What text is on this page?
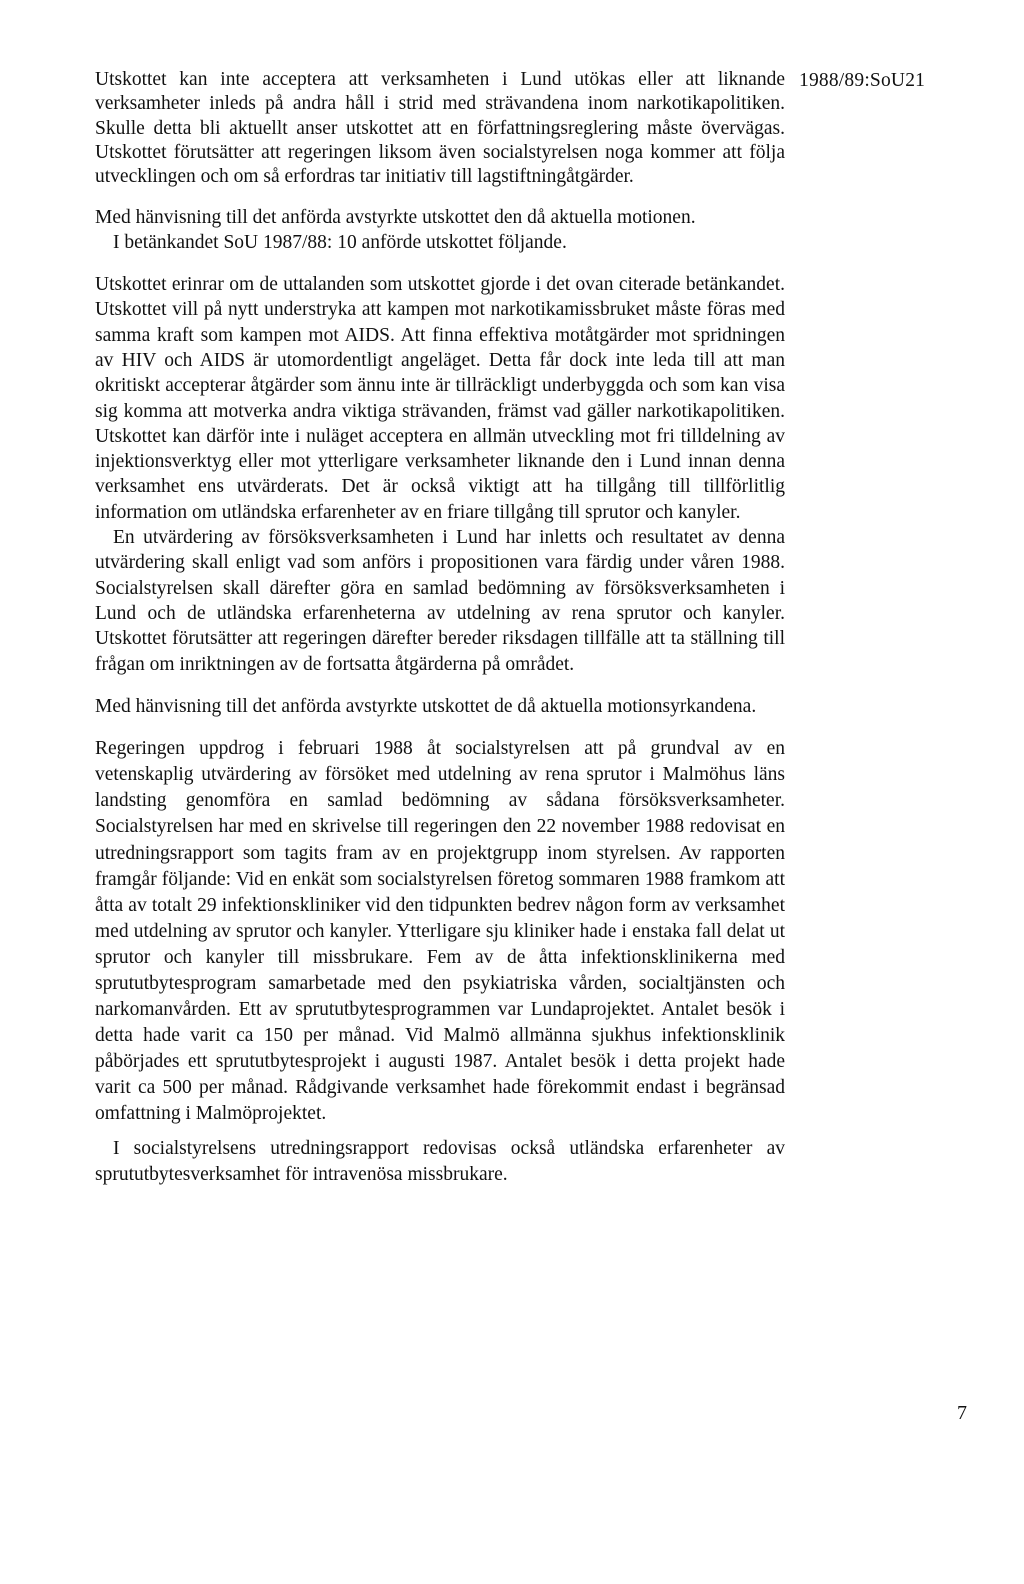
1988/89:SoU21

Utskottet kan inte acceptera att verksamheten i Lund utökas eller att liknande verksamheter inleds på andra håll i strid med strävandena inom narkotikapolitiken. Skulle detta bli aktuellt anser utskottet att en författningsreglering måste övervägas. Utskottet förutsätter att regeringen liksom även socialstyrelsen noga kommer att följa utvecklingen och om så erfordras tar initiativ till lagstiftningåtgärder.

Med hänvisning till det anförda avstyrkte utskottet den då aktuella motionen.

I betänkandet SoU 1987/88: 10 anförde utskottet följande.

Utskottet erinrar om de uttalanden som utskottet gjorde i det ovan citerade betänkandet. Utskottet vill på nytt understryka att kampen mot narkotikamissbruket måste föras med samma kraft som kampen mot AIDS. Att finna effektiva motåtgärder mot spridningen av HIV och AIDS är utomordentligt angeläget. Detta får dock inte leda till att man okritiskt accepterar åtgärder som ännu inte är tillräckligt underbyggda och som kan visa sig komma att motverka andra viktiga strävanden, främst vad gäller narkotikapolitiken. Utskottet kan därför inte i nuläget acceptera en allmän utveckling mot fri tilldelning av injektionsverktyg eller mot ytterligare verksamheter liknande den i Lund innan denna verksamhet ens utvärderats. Det är också viktigt att ha tillgång till tillförlitlig information om utländska erfarenheter av en friare tillgång till sprutor och kanyler.

En utvärdering av försöksverksamheten i Lund har inletts och resultatet av denna utvärdering skall enligt vad som anförs i propositionen vara färdig under våren 1988. Socialstyrelsen skall därefter göra en samlad bedömning av försöksverksamheten i Lund och de utländska erfarenheterna av utdelning av rena sprutor och kanyler. Utskottet förutsätter att regeringen därefter bereder riksdagen tillfälle att ta ställning till frågan om inriktningen av de fortsatta åtgärderna på området.

Med hänvisning till det anförda avstyrkte utskottet de då aktuella motionsyrkandena.

Regeringen uppdrog i februari 1988 åt socialstyrelsen att på grundval av en vetenskaplig utvärdering av försöket med utdelning av rena sprutor i Malmöhus läns landsting genomföra en samlad bedömning av sådana försöksverksamheter. Socialstyrelsen har med en skrivelse till regeringen den 22 november 1988 redovisat en utredningsrapport som tagits fram av en projektgrupp inom styrelsen. Av rapporten framgår följande: Vid en enkät som socialstyrelsen företog sommaren 1988 framkom att åtta av totalt 29 infektionskliniker vid den tidpunkten bedrev någon form av verksamhet med utdelning av sprutor och kanyler. Ytterligare sju kliniker hade i enstaka fall delat ut sprutor och kanyler till missbrukare. Fem av de åtta infektionsklinikerna med sprututbytesprogram samarbetade med den psykiatriska vården, socialtjänsten och narkomanvården. Ett av sprututbytesprogrammen var Lundaprojektet. Antalet besök i detta hade varit ca 150 per månad. Vid Malmö allmänna sjukhus infektionsklinik påbörjades ett sprututbytesprojekt i augusti 1987. Antalet besök i detta projekt hade varit ca 500 per månad. Rådgivande verksamhet hade förekommit endast i begränsad omfattning i Malmöprojektet.

I socialstyrelsens utredningsrapport redovisas också utländska erfarenheter av sprututbytesverksamhet för intravenösa missbrukare.

7
